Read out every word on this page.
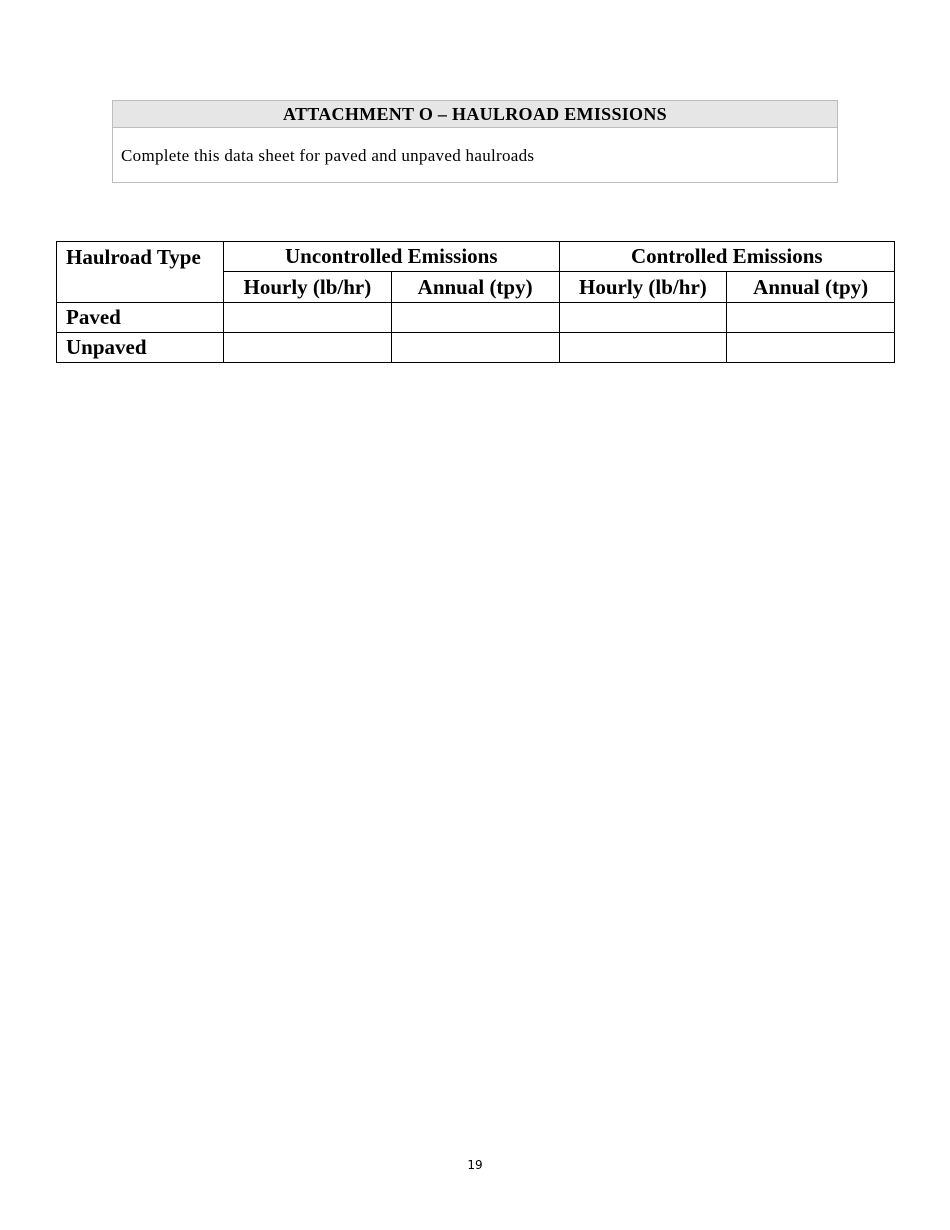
ATTACHMENT O – HAULROAD EMISSIONS
Complete this data sheet for paved and unpaved haulroads
Haulroad Type	Uncontrolled Emissions		Controlled Emissions	
	Hourly (lb/hr)	Annual (tpy)	Hourly (lb/hr)	Annual (tpy)
Paved				
Unpaved				
19
